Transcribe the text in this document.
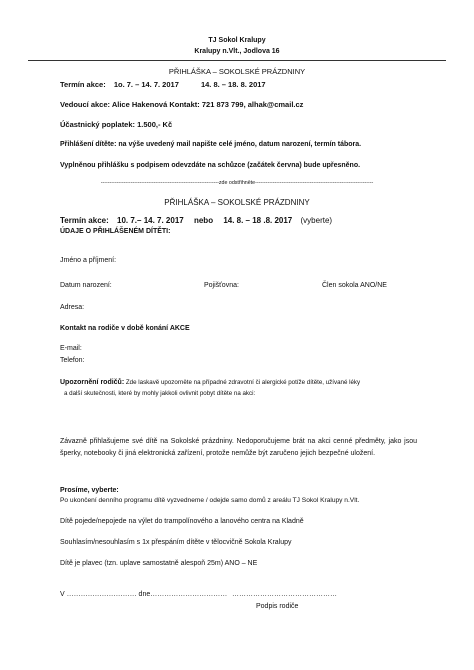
TJ Sokol Kralupy
Kralupy n.Vlt., Jodlova 16
PŘIHLÁŠKA – SOKOLSKÉ PRÁZDNINY
Termín akce: 1o. 7. – 14. 7. 2017	14. 8. – 18. 8. 2017
Vedoucí akce: Alice Hakenová Kontakt: 721 873 799, alhak@cmail.cz
Účastnický poplatek: 1.500,- Kč
Přihlášení dítěte: na výše uvedený mail napište celé jméno, datum narození, termín tábora.
Vyplněnou přihlášku s podpisem odevzdáte na schůzce (začátek června) bude upřesněno.
-------------------------------------------------------------------zde odstřihněte-------------------------------------------------------------------
PŘIHLÁŠKA – SOKOLSKÉ PRÁZDNINY
Termín akce: 10. 7.– 14. 7. 2017 nebo 14. 8. – 18 .8. 2017 (vyberte)
ÚDAJE O PŘIHLÁŠENÉM DÍTĚTI:
Jméno a příjmení:
Datum narození:	Pojišťovna:	Člen sokola ANO/NE
Adresa:
Kontakt na rodiče v době konání AKCE
E-mail:
Telefon:
Upozornění rodičů: Zde laskavě upozorněte na případné zdravotní či alergické potíže dítěte, užívané léky
a další skutečnosti, které by mohly jakkoli ovlivnit pobyt dítěte na akci:
Závazně přihlašujeme své dítě na Sokolské prázdniny. Nedoporučujeme brát na akci cenné předměty, jako jsou šperky, notebooky či jiná elektronická zařízení, protože nemůže být zaručeno jejich bezpečné uložení.
Prosíme, vyberte:
Po ukončení denního programu dítě vyzvedneme / odejde samo domů z areálu TJ Sokol Kralupy n.Vlt.
Dítě pojede/nepojede na výlet do trampolínového a lanového centra na Kladně
Souhlasím/nesouhlasím s 1x přespáním dítěte v tělocvičně Sokola Kralupy
Dítě je plavec (tzn. uplave samostatně alespoň 25m) ANO – NE
V ………………………… dne…………………………… ………………………………………
Podpis rodiče
